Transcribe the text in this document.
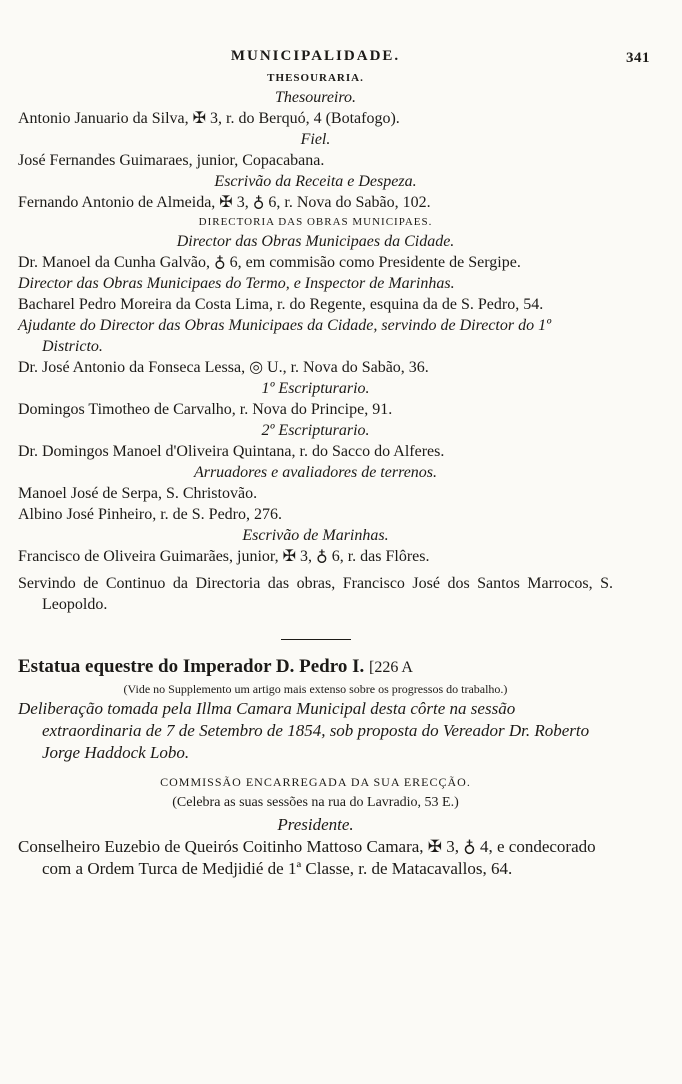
341
MUNICIPALIDADE.
THESOURARIA.
Thesoureiro.
Antonio Januario da Silva, ✠ 3, r. do Berquó, 4 (Botafogo).
Fiel.
José Fernandes Guimaraes, junior, Copacabana.
Escrivão da Receita e Despeza.
Fernando Antonio de Almeida, ✠ 3, ♁ 6, r. Nova do Sabão, 102.
DIRECTORIA DAS OBRAS MUNICIPAES.
Director das Obras Municipaes da Cidade.
Dr. Manoel da Cunha Galvão, ♁ 6, em commisão como Presidente de Sergipe.
Director das Obras Municipaes do Termo, e Inspector de Marinhas.
Bacharel Pedro Moreira da Costa Lima, r. do Regente, esquina da de S. Pedro, 54.
Ajudante do Director das Obras Municipaes da Cidade, servindo de Director do 1º Districto.
Dr. José Antonio da Fonseca Lessa, ◎ U., r. Nova do Sabão, 36.
1º Escripturario.
Domingos Timotheo de Carvalho, r. Nova do Principe, 91.
2º Escripturario.
Dr. Domingos Manoel d'Oliveira Quintana, r. do Sacco do Alferes.
Arruadores e avaliadores de terrenos.
Manoel José de Serpa, S. Christovão.
Albino José Pinheiro, r. de S. Pedro, 276.
Escrivão de Marinhas.
Francisco de Oliveira Guimarães, junior, ✠ 3, ♁ 6, r. das Flôres.
Servindo de Continuo da Directoria das obras, Francisco José dos Santos Marrocos, S. Leopoldo.
Estatua equestre do Imperador D. Pedro I. [226 A
(Vide no Supplemento um artigo mais extenso sobre os progressos do trabalho.)
Deliberação tomada pela Illma Camara Municipal desta côrte na sessão extraordinaria de 7 de Setembro de 1854, sob proposta do Vereador Dr. Roberto Jorge Haddock Lobo.
COMMISSÃO ENCARREGADA DA SUA ERECÇÃO.
(Celebra as suas sessões na rua do Lavradio, 53 E.)
Presidente.
Conselheiro Euzebio de Queirós Coitinho Mattoso Camara, ✠ 3, ♁ 4, e condecorado com a Ordem Turca de Medjidié de 1ª Classe, r. de Matacavallos, 64.
